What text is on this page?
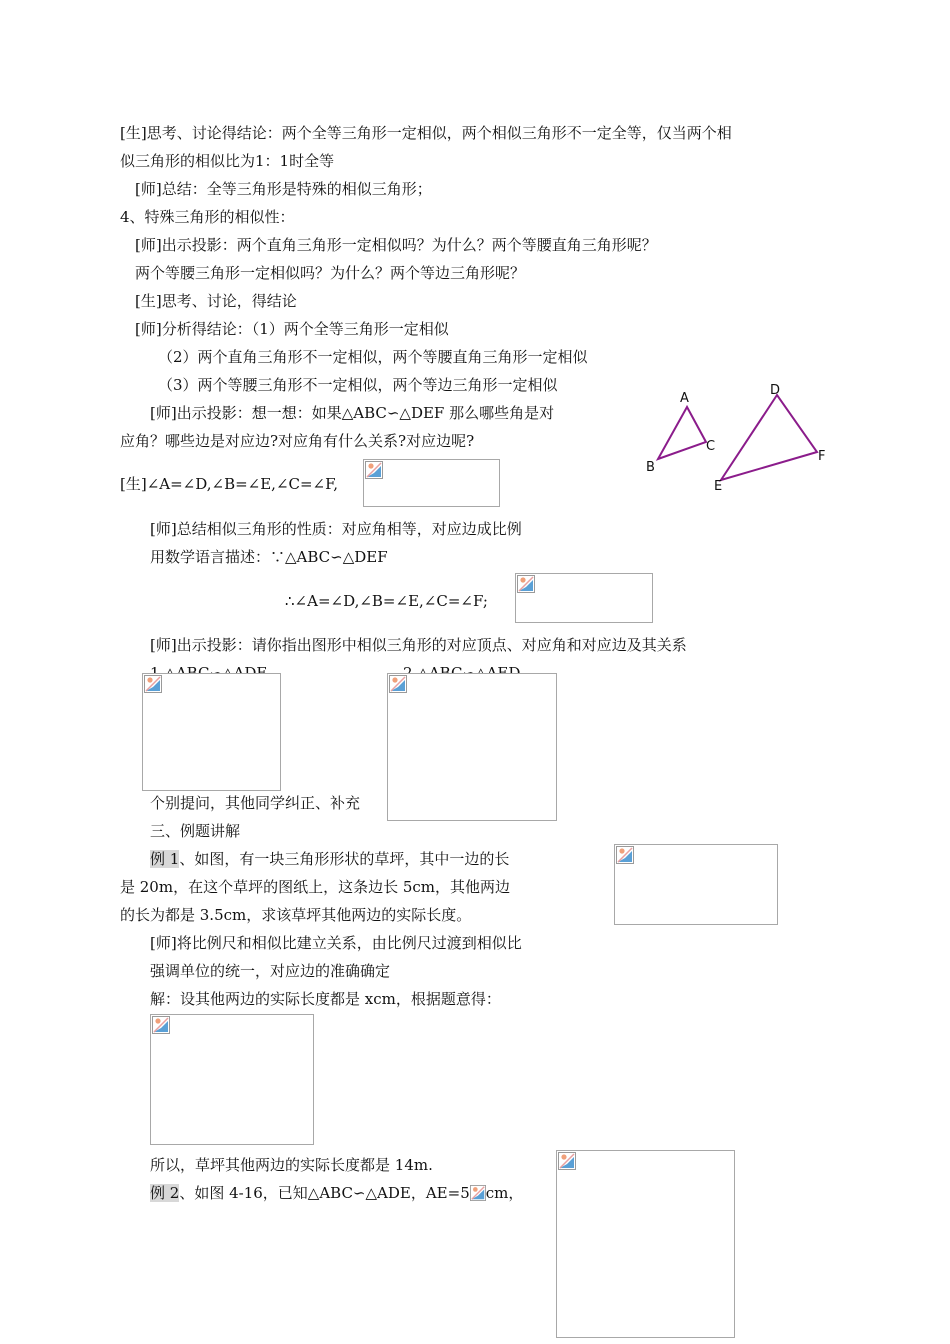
[生]思考、讨论得结论：两个全等三角形一定相似，两个相似三角形不一定全等，仅当两个相
似三角形的相似比为1：1时全等
[师]总结：全等三角形是特殊的相似三角形；
4、特殊三角形的相似性：
[师]出示投影：两个直角三角形一定相似吗？为什么？两个等腰直角三角形呢？
两个等腰三角形一定相似吗？为什么？两个等边三角形呢？
[生]思考、讨论，得结论
[师]分析得结论：（1）两个全等三角形一定相似
（2）两个直角三角形不一定相似，两个等腰直角三角形一定相似
（3）两个等腰三角形不一定相似，两个等边三角形一定相似
[师]出示投影：想一想：如果△ABC∽△DEF 那么哪些角是对
应角？哪些边是对应边?对应角有什么关系?对应边呢?
[生]∠A=∠D,∠B=∠E,∠C=∠F,
[师]总结相似三角形的性质：对应角相等，对应边成比例
用数学语言描述：∵△ABC∽△DEF
∴∠A=∠D,∠B=∠E,∠C=∠F;
[师]出示投影：请你指出图形中相似三角形的对应顶点、对应角和对应边及其关系
个别提问，其他同学纠正、补充
三、例题讲解
例 1、如图，有一块三角形形状的草坪，其中一边的长
是 20m，在这个草坪的图纸上，这条边长 5cm，其他两边
的长为都是 3.5cm，求该草坪其他两边的实际长度。
[师]将比例尺和相似比建立关系，由比例尺过渡到相似比
强调单位的统一，对应边的准确确定
解：设其他两边的实际长度都是 xcm，根据题意得：
所以，草坪其他两边的实际长度都是 14m.
例 2、如图 4-16，已知△ABC∽△ADE，AE=5 cm，
A
B
C
D
E
F
